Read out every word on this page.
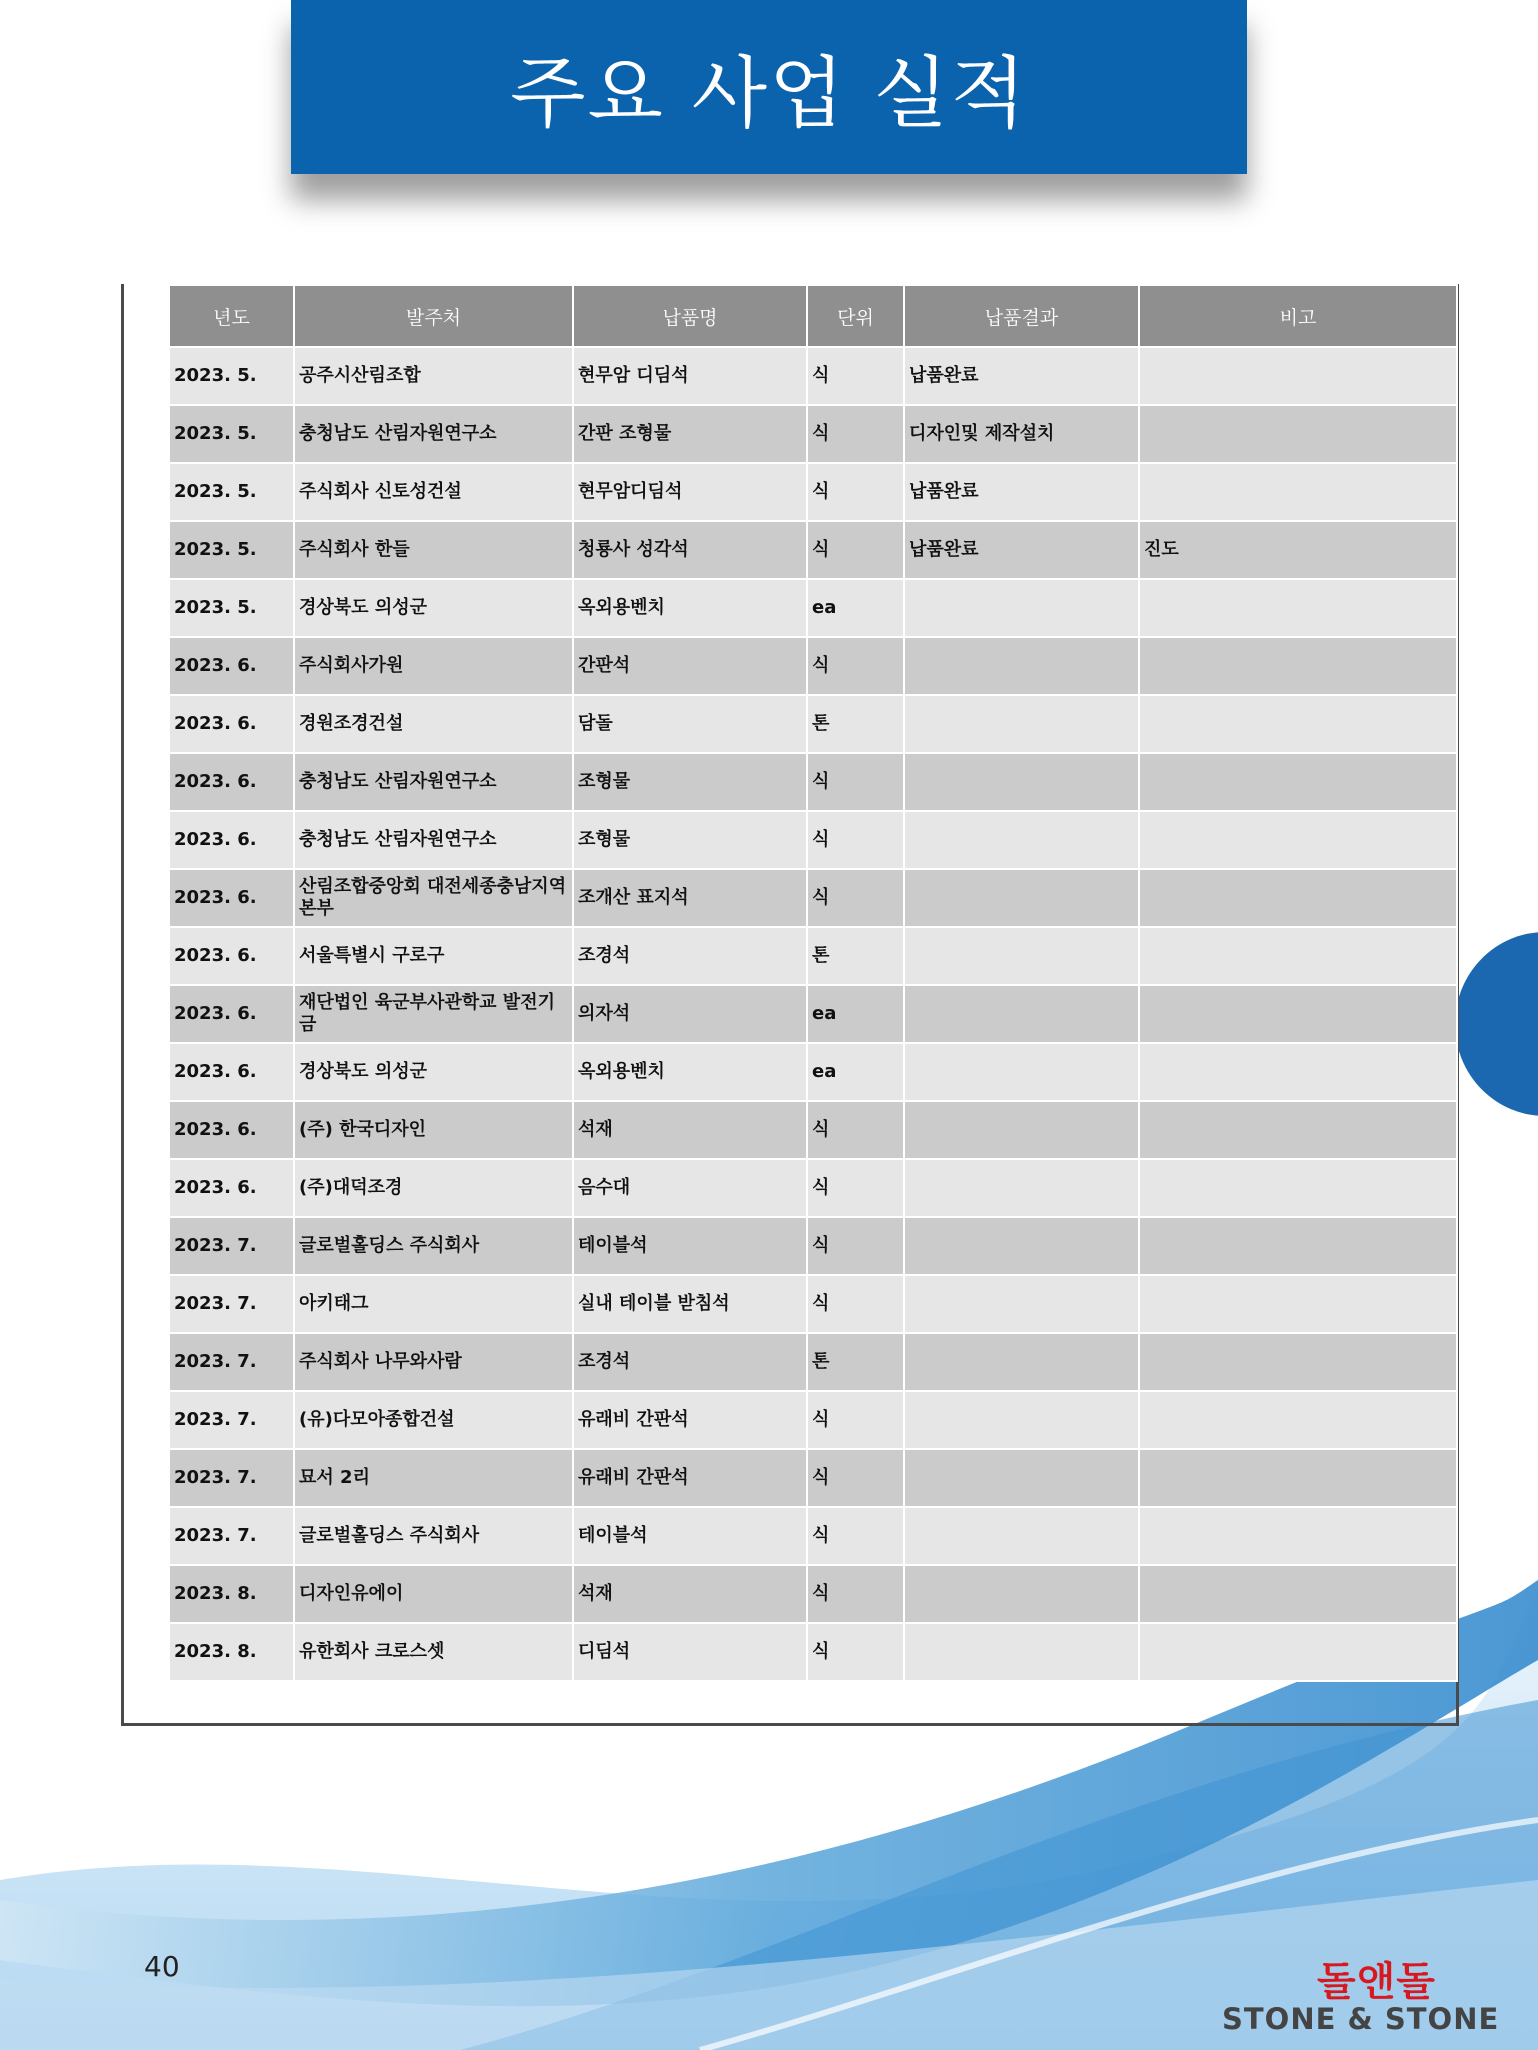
주요 사업 실적
년도	발주처	납품명	단위	납품결과	비고
2023. 5.	공주시산림조합	현무암 디딤석	식	납품완료	
2023. 5.	충청남도 산림자원연구소	간판 조형물	식	디자인및 제작설치	
2023. 5.	주식회사 신토성건설	현무암디딤석	식	납품완료	
2023. 5.	주식회사 한들	청룡사 성각석	식	납품완료	진도
2023. 5.	경상북도 의성군	옥외용벤치	ea		
2023. 6.	주식회사가원	간판석	식		
2023. 6.	경원조경건설	담돌	톤		
2023. 6.	충청남도 산림자원연구소	조형물	식		
2023. 6.	충청남도 산림자원연구소	조형물	식		
2023. 6.	산림조합중앙회 대전세종충남지역본부	조개산 표지석	식		
2023. 6.	서울특별시 구로구	조경석	톤		
2023. 6.	재단법인 육군부사관학교 발전기금	의자석	ea		
2023. 6.	경상북도 의성군	옥외용벤치	ea		
2023. 6.	(주) 한국디자인	석재	식		
2023. 6.	(주)대덕조경	음수대	식		
2023. 7.	글로벌홀딩스 주식회사	테이블석	식		
2023. 7.	아키태그	실내 테이블 받침석	식		
2023. 7.	주식회사 나무와사람	조경석	톤		
2023. 7.	(유)다모아종합건설	유래비 간판석	식		
2023. 7.	묘서 2리	유래비 간판석	식		
2023. 7.	글로벌홀딩스 주식회사	테이블석	식		
2023. 8.	디자인유에이	석재	식		
2023. 8.	유한회사 크로스셋	디딤석	식		
40	돌앤돌
STONE & STONE
